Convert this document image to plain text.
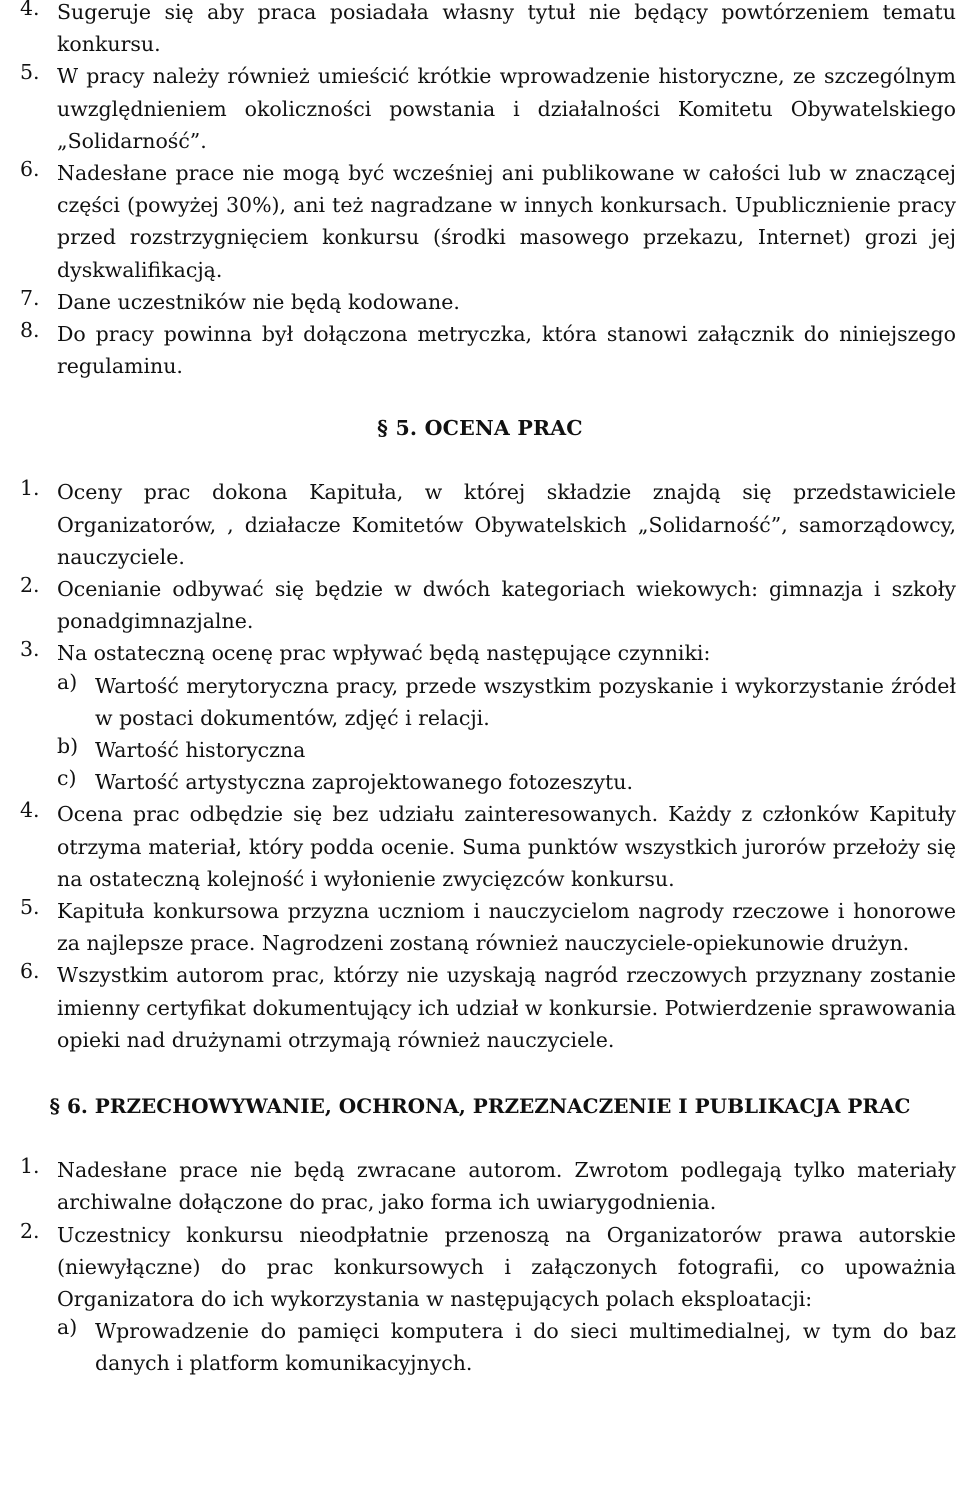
4. Sugeruje się aby praca posiadała własny tytuł nie będący powtórzeniem tematu konkursu.
5. W pracy należy również umieścić krótkie wprowadzenie historyczne, ze szczególnym uwzględnieniem okoliczności powstania i działalności Komitetu Obywatelskiego „Solidarność”.
6. Nadesłane prace nie mogą być wcześniej ani publikowane w całości lub w znaczącej części (powyżej 30%), ani też nagradzane w innych konkursach. Upublicznienie pracy przed rozstrzygnięciem konkursu (środki masowego przekazu, Internet) grozi jej dyskwalifikacją.
7. Dane uczestników nie będą kodowane.
8. Do pracy powinna był dołączona metryczka, która stanowi załącznik do niniejszego regulaminu.
§ 5. OCENA PRAC
1. Oceny prac dokona Kapituła, w której składzie znajdą się przedstawiciele Organizatorów, , działacze Komitetów Obywatelskich „Solidarność”, samorządowcy, nauczyciele.
2. Ocenianie odbywać się będzie w dwóch kategoriach wiekowych: gimnazja i szkoły ponadgimnazjalne.
3. Na ostateczną ocenę prac wpływać będą następujące czynniki:
a) Wartość merytoryczna pracy, przede wszystkim pozyskanie i wykorzystanie źródeł w postaci dokumentów, zdjęć i relacji.
b) Wartość historyczna
c) Wartość artystyczna zaprojektowanego fotozeszytu.
4. Ocena prac odbędzie się bez udziału zainteresowanych. Każdy z członków Kapituły otrzyma materiał, który podda ocenie. Suma punktów wszystkich jurorów przełoży się na ostateczną kolejność i wyłonienie zwycięzców konkursu.
5. Kapituła konkursowa przyzna uczniom i nauczycielom nagrody rzeczowe i honorowe za najlepsze prace. Nagrodzeni zostaną również nauczyciele-opiekunowie drużyn.
6. Wszystkim autorom prac, którzy nie uzyskają nagród rzeczowych przyznany zostanie imienny certyfikat dokumentujący ich udział w konkursie. Potwierdzenie sprawowania opieki nad drużynami otrzymają również nauczyciele.
§ 6. PRZECHOWYWANIE, OCHRONA, PRZEZNACZENIE I PUBLIKACJA PRAC
1. Nadesłane prace nie będą zwracane autorom. Zwrotom podlegają tylko materiały archiwalne dołączone do prac, jako forma ich uwiarygodnienia.
2. Uczestnicy konkursu nieodpłatnie przenoszą na Organizatorów prawa autorskie (niewyłączne) do prac konkursowych i załączonych fotografii, co upoważnia Organizatora do ich wykorzystania w następujących polach eksploatacji:
a) Wprowadzenie do pamięci komputera i do sieci multimedialnej, w tym do baz danych i platform komunikacyjnych.
